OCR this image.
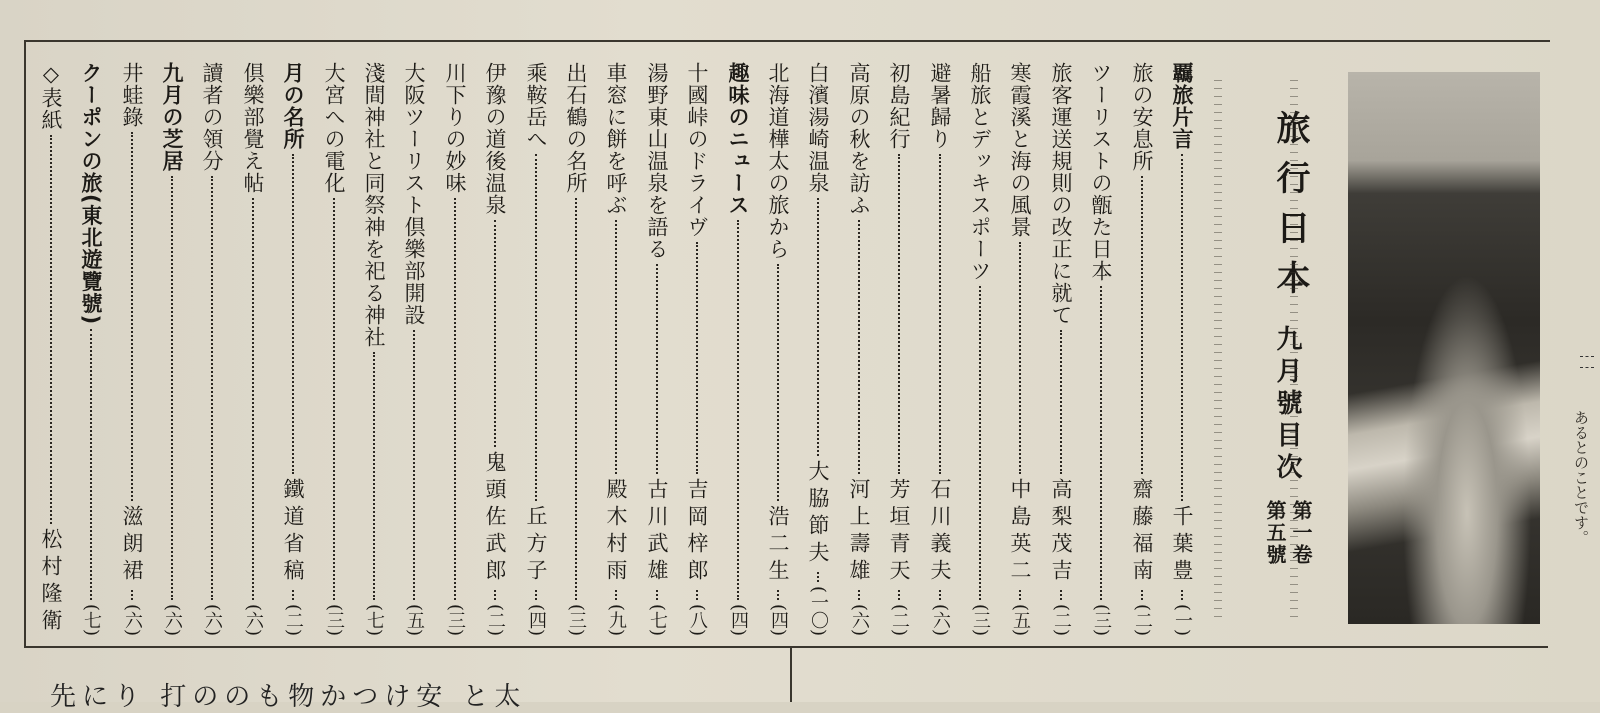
先にり 打ののも物かつけ安 と太
あるとのことです。
旅行日本
九月號目次
第一卷
第五號
覊旅片言
千葉豊
(一)
旅の安息所
齋藤福南
(二)
ツーリストの甑た日本
(三)
旅客運送規則の改正に就て
高梨茂吉
(二)
寒霞溪と海の風景
中島英二
(五)
船旅とデッキスポーツ
(三)
避暑歸り
石川義夫
(六)
初島紀行
芳垣青天
(二)
高原の秋を訪ふ
河上壽雄
(六)
白濱湯崎温泉
大脇節夫
(一〇)
北海道樺太の旅から
浩二生
(四)
趣味のニュース
(四)
十國峠のドライヴ
吉岡梓郎
(八)
湯野東山温泉を語る
古川武雄
(七)
車窓に餅を呼ぶ
殿木村雨
(九)
出石鶴の名所
(三)
乘鞍岳へ
丘方子
(四)
伊豫の道後温泉
鬼頭佐武郎
(二)
川下りの妙味
(三)
大阪ツーリスト倶樂部開設
(五)
淺間神社と同祭神を祀る神社
(七)
大宮への電化
(三)
月の名所
鐵道省稿
(二)
倶樂部覺え帖
(六)
讀者の領分
(六)
九月の芝居
(六)
井蛙錄
滋朗裙
(六)
クーポンの旅(東北遊覽號)
(七)
◇表紙
松村隆衛
